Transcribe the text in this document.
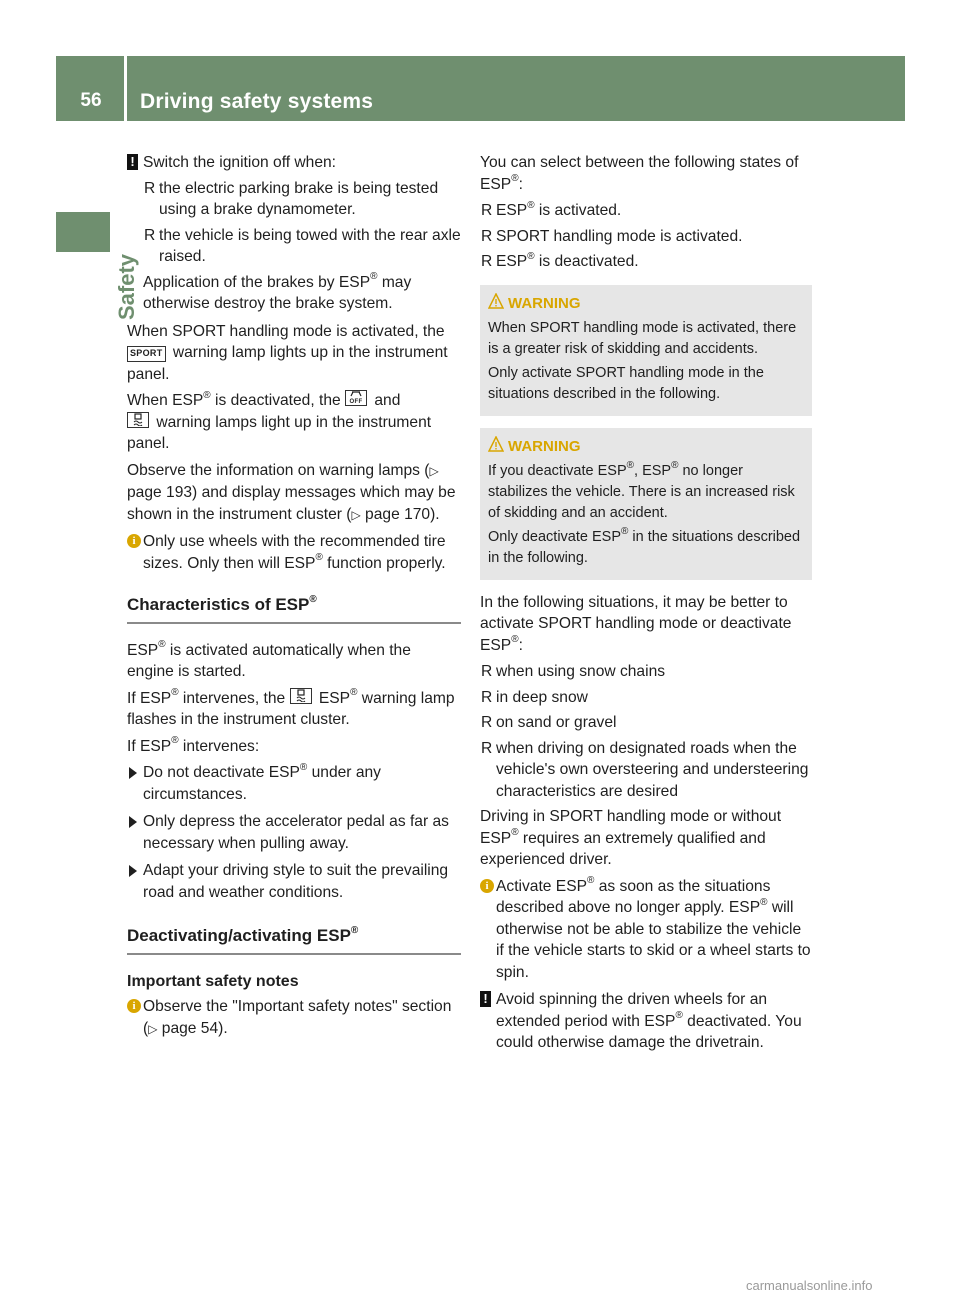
56	Driving safety systems
Safety
! Switch the ignition off when:
R the electric parking brake is being tested using a brake dynamometer.
R the vehicle is being towed with the rear axle raised.
Application of the brakes by ESP® may otherwise destroy the brake system.

When SPORT handling mode is activated, the SPORT warning lamp lights up in the instrument panel.

When ESP® is deactivated, the OFF and
warning lamps light up in the instrument panel.

Observe the information on warning lamps (▷ page 193) and display messages which may be shown in the instrument cluster (▷ page 170).

i Only use wheels with the recommended tire sizes. Only then will ESP® function properly.
Characteristics of ESP®

ESP® is activated automatically when the engine is started.

If ESP® intervenes, the  ESP® warning lamp flashes in the instrument cluster.

If ESP® intervenes:

Do not deactivate ESP® under any circumstances.
Only depress the accelerator pedal as far as necessary when pulling away.
Adapt your driving style to suit the prevailing road and weather conditions.
Deactivating/activating ESP®
Important safety notes
i Observe the "Important safety notes" section (▷ page 54).

You can select between the following states of ESP®:

R ESP® is activated.
R SPORT handling mode is activated.
R ESP® is deactivated.
WARNING

When SPORT handling mode is activated, there is a greater risk of skidding and accidents.

Only activate SPORT handling mode in the situations described in the following.

WARNING

If you deactivate ESP®, ESP® no longer stabilizes the vehicle. There is an increased risk of skidding and an accident.

Only deactivate ESP® in the situations described in the following.

In the following situations, it may be better to activate SPORT handling mode or deactivate ESP®:

R when using snow chains
R in deep snow
R on sand or gravel
R when driving on designated roads when the vehicle's own oversteering and understeering characteristics are desired

Driving in SPORT handling mode or without ESP® requires an extremely qualified and experienced driver.

i Activate ESP® as soon as the situations described above no longer apply. ESP® will otherwise not be able to stabilize the vehicle if the vehicle starts to skid or a wheel starts to spin.
! Avoid spinning the driven wheels for an extended period with ESP® deactivated. You could otherwise damage the drivetrain.
carmanualsonline.info
